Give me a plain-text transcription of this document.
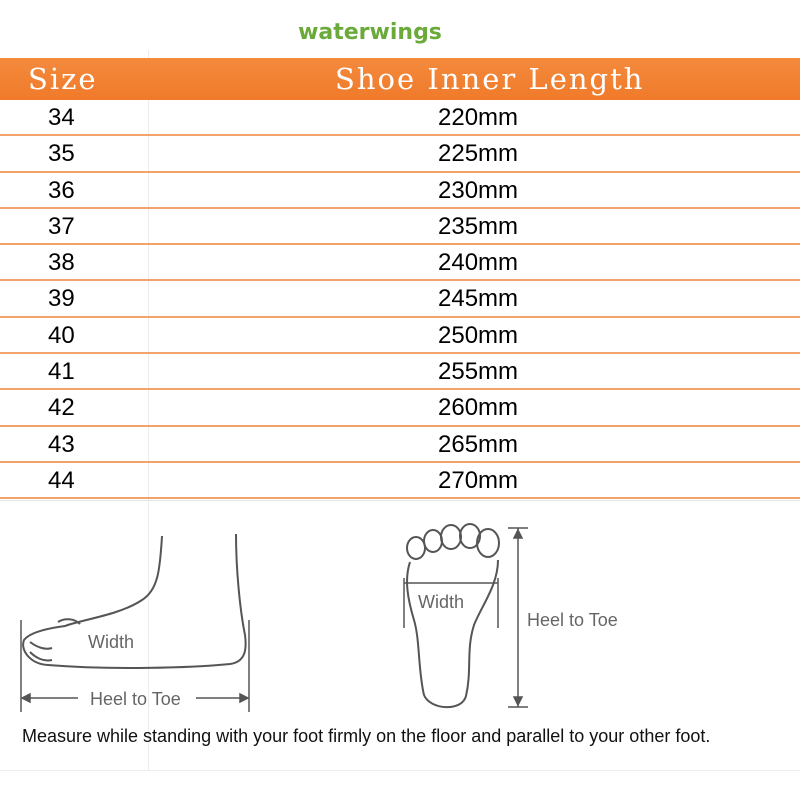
waterwings
Size	Shoe Inner Length
34	220mm
35	225mm
36	230mm
37	235mm
38	240mm
39	245mm
40	250mm
41	255mm
42	260mm
43	265mm
44	270mm
Width
Heel to Toe
Width
Heel to Toe
Measure while standing with your foot firmly on the floor and parallel to your other foot.
